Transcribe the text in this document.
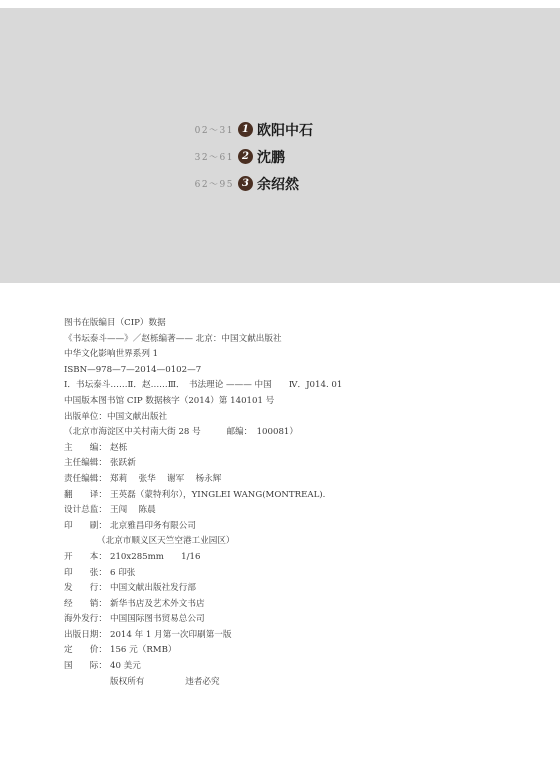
02～31 1 欧阳中石
32～61 2 沈鹏
62～95 3 余绍然
图书在版编目（CIP）数据
《书坛泰斗——》／赵栎编著—— 北京：中国文献出版社
中华文化影响世界系列 1
ISBN—978—7—2014—0102—7
Ⅰ．书坛泰斗……Ⅱ．赵……Ⅲ．　书法理论 ——— 中国　　Ⅳ．J014. 01
中国版本图书馆 CIP 数据核字（2014）第 140101 号
出版单位：中国文献出版社
（北京市海淀区中关村南大街 28 号　　　邮编：　100081）
主　　编： 赵栎
主任编辑： 张跃新
责任编辑： 郑莉　 张华　 谢军　 杨永辉
翻　　译： 王英磊（蒙特利尔），YINGLEI WANG(MONTREAL).
设计总监： 王闯　 陈晨
印　　刷： 北京雅昌印务有限公司
（北京市顺义区天竺空港工业园区）
开　　本： 210x285mm　　1/16
印　　张： 6 印张
发　　行： 中国文献出版社发行部
经　　销： 新华书店及艺术外文书店
海外发行： 中国国际图书贸易总公司
出版日期： 2014 年 1 月第一次印刷第一版
定　　价： 156 元（RMB）
国　　际： 40 美元
版权所有　　	违者必究
